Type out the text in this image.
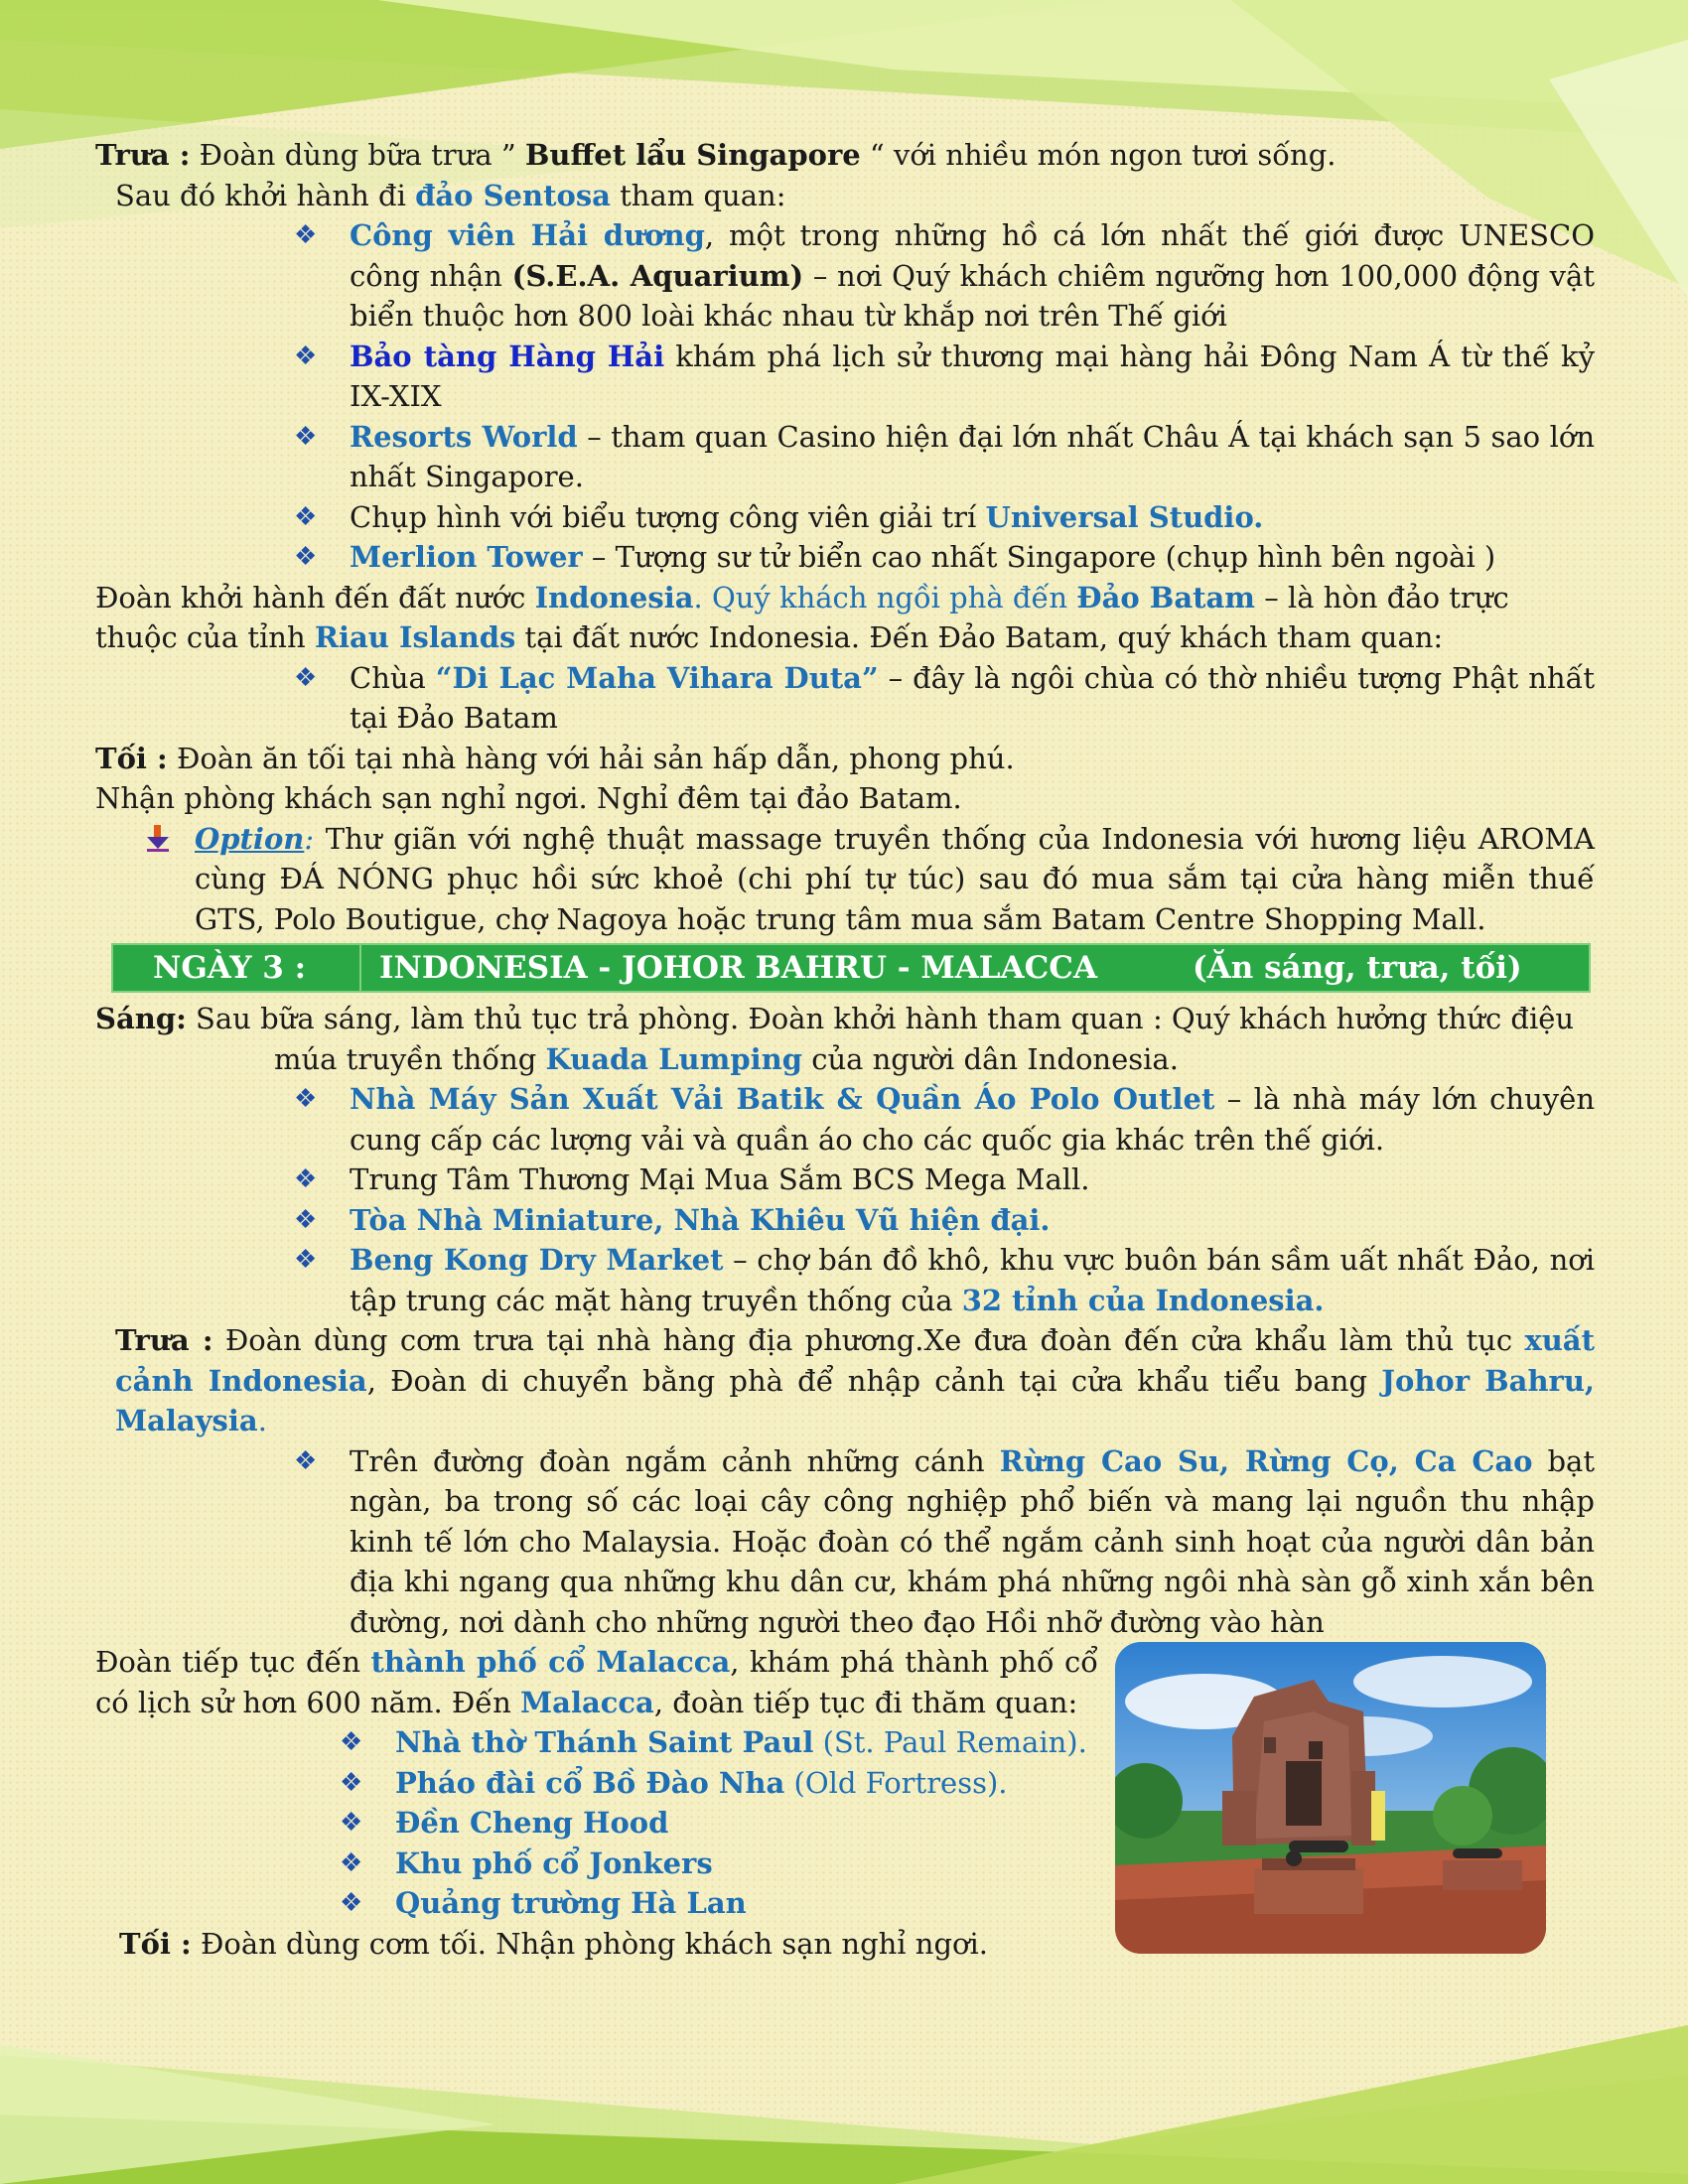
Trưa : Đoàn dùng bữa trưa ” Buffet lẩu Singapore “ với nhiều món ngon tươi sống.

Sau đó khởi hành đi đảo Sentosa tham quan:

❖ Công viên Hải dương, một trong những hồ cá lớn nhất thế giới được UNESCO công nhận (S.E.A. Aquarium) – nơi Quý khách chiêm ngưỡng hơn 100,000 động vật biển thuộc hơn 800 loài khác nhau từ khắp nơi trên Thế giới
❖ Bảo tàng Hàng Hải khám phá lịch sử thương mại hàng hải Đông Nam Á từ thế kỷ IX-XIX
❖ Resorts World – tham quan Casino hiện đại lớn nhất Châu Á tại khách sạn 5 sao lớn nhất Singapore.
❖ Chụp hình với biểu tượng công viên giải trí Universal Studio.
❖ Merlion Tower – Tượng sư tử biển cao nhất Singapore (chụp hình bên ngoài )

Đoàn khởi hành đến đất nước Indonesia. Quý khách ngồi phà đến Đảo Batam – là hòn đảo trực thuộc của tỉnh Riau Islands tại đất nước Indonesia. Đến Đảo Batam, quý khách tham quan:

❖ Chùa “Di Lạc Maha Vihara Duta” – đây là ngôi chùa có thờ nhiều tượng Phật nhất tại Đảo Batam

Tối : Đoàn ăn tối tại nhà hàng với hải sản hấp dẫn, phong phú.

Nhận phòng khách sạn nghỉ ngơi. Nghỉ đêm tại đảo Batam.

Option: Thư giãn với nghệ thuật massage truyền thống của Indonesia với hương liệu AROMA cùng ĐÁ NÓNG phục hồi sức khoẻ (chi phí tự túc) sau đó mua sắm tại cửa hàng miễn thuế GTS, Polo Boutigue, chợ Nagoya hoặc trung tâm mua sắm Batam Centre Shopping Mall.

NGÀY 3 :	INDONESIA - JOHOR BAHRU - MALACCA	(Ăn sáng, trưa, tối)

Sáng: Sau bữa sáng, làm thủ tục trả phòng. Đoàn khởi hành tham quan : Quý khách hưởng thức điệu múa truyền thống Kuada Lumping của người dân Indonesia.

❖ Nhà Máy Sản Xuất Vải Batik & Quần Áo Polo Outlet – là nhà máy lớn chuyên cung cấp các lượng vải và quần áo cho các quốc gia khác trên thế giới.
❖ Trung Tâm Thương Mại Mua Sắm BCS Mega Mall.
❖ Tòa Nhà Miniature, Nhà Khiêu Vũ hiện đại.
❖ Beng Kong Dry Market – chợ bán đồ khô, khu vực buôn bán sầm uất nhất Đảo, nơi tập trung các mặt hàng truyền thống của 32 tỉnh của Indonesia.

Trưa : Đoàn dùng cơm trưa tại nhà hàng địa phương.Xe đưa đoàn đến cửa khẩu làm thủ tục xuất cảnh Indonesia, Đoàn di chuyển bằng phà để nhập cảnh tại cửa khẩu tiểu bang Johor Bahru, Malaysia.

❖ Trên đường đoàn ngắm cảnh những cánh Rừng Cao Su, Rừng Cọ, Ca Cao bạt ngàn, ba trong số các loại cây công nghiệp phổ biến và mang lại nguồn thu nhập kinh tế lớn cho Malaysia. Hoặc đoàn có thể ngắm cảnh sinh hoạt của người dân bản địa khi ngang qua những khu dân cư, khám phá những ngôi nhà sàn gỗ xinh xắn bên đường, nơi dành cho những người theo đạo Hồi nhỡ đường vào hàn

Đoàn tiếp tục đến thành phố cổ Malacca, khám phá thành phố cổ có lịch sử hơn 600 năm. Đến Malacca, đoàn tiếp tục đi thăm quan:

❖ Nhà thờ Thánh Saint Paul (St. Paul Remain).
❖ Pháo đài cổ Bồ Đào Nha (Old Fortress).
❖ Đền Cheng Hood
❖ Khu phố cổ Jonkers
❖ Quảng trường Hà Lan

Tối : Đoàn dùng cơm tối. Nhận phòng khách sạn nghỉ ngơi.
